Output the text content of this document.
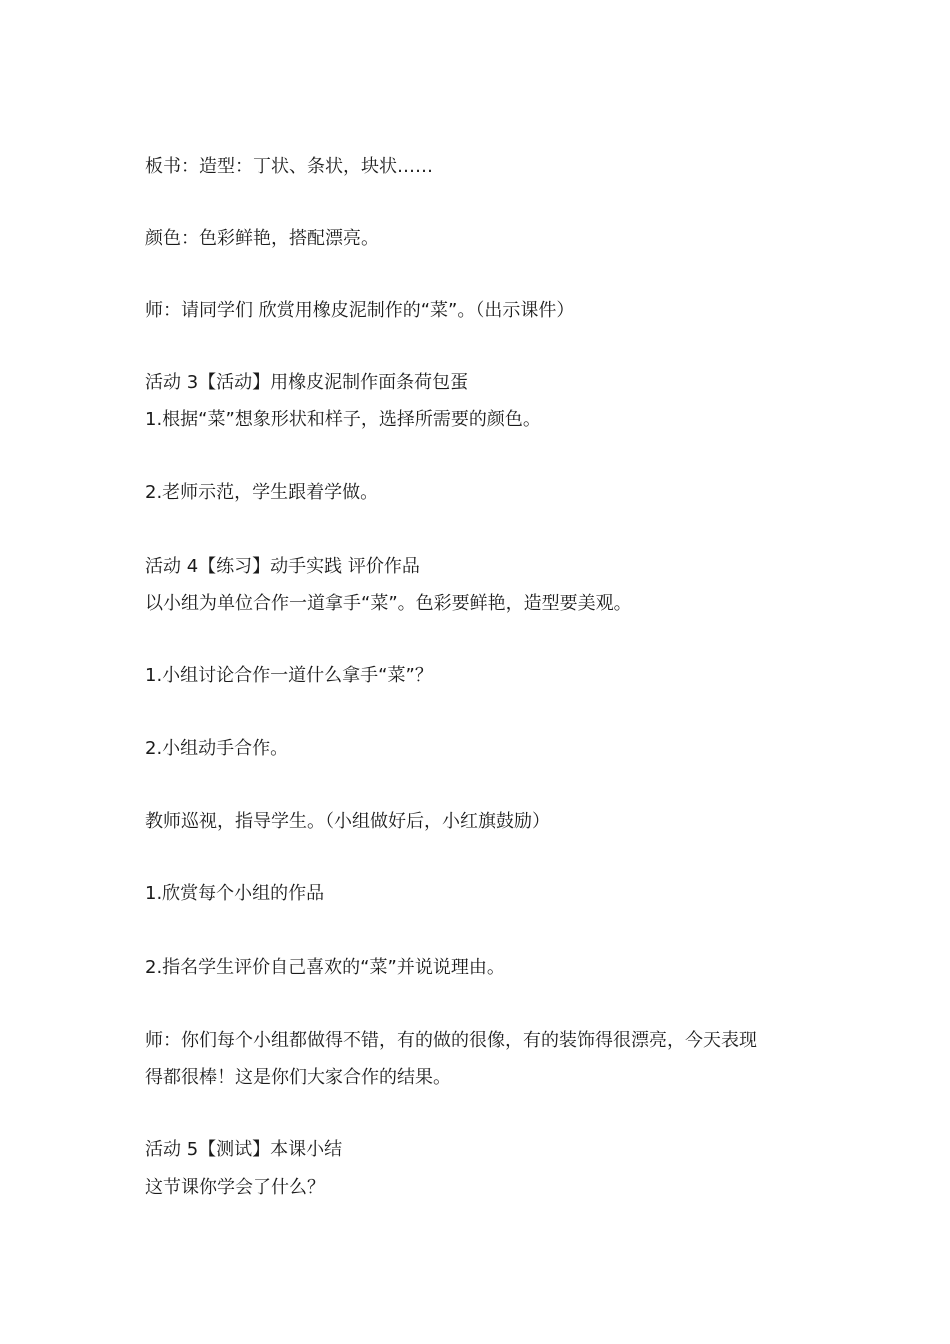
板书：造型：丁状、条状，块状……
颜色：色彩鲜艳，搭配漂亮。
师：请同学们 欣赏用橡皮泥制作的“菜”。（出示课件）
活动 3【活动】用橡皮泥制作面条荷包蛋
1.根据“菜”想象形状和样子，选择所需要的颜色。
2.老师示范，学生跟着学做。
活动 4【练习】动手实践 评价作品
以小组为单位合作一道拿手“菜”。色彩要鲜艳，造型要美观。
1.小组讨论合作一道什么拿手“菜”？
2.小组动手合作。
教师巡视，指导学生。（小组做好后，小红旗鼓励）
1.欣赏每个小组的作品
2.指名学生评价自己喜欢的“菜”并说说理由。
师：你们每个小组都做得不错，有的做的很像，有的装饰得很漂亮，今天表现
得都很棒！这是你们大家合作的结果。
活动 5【测试】本课小结
这节课你学会了什么？
